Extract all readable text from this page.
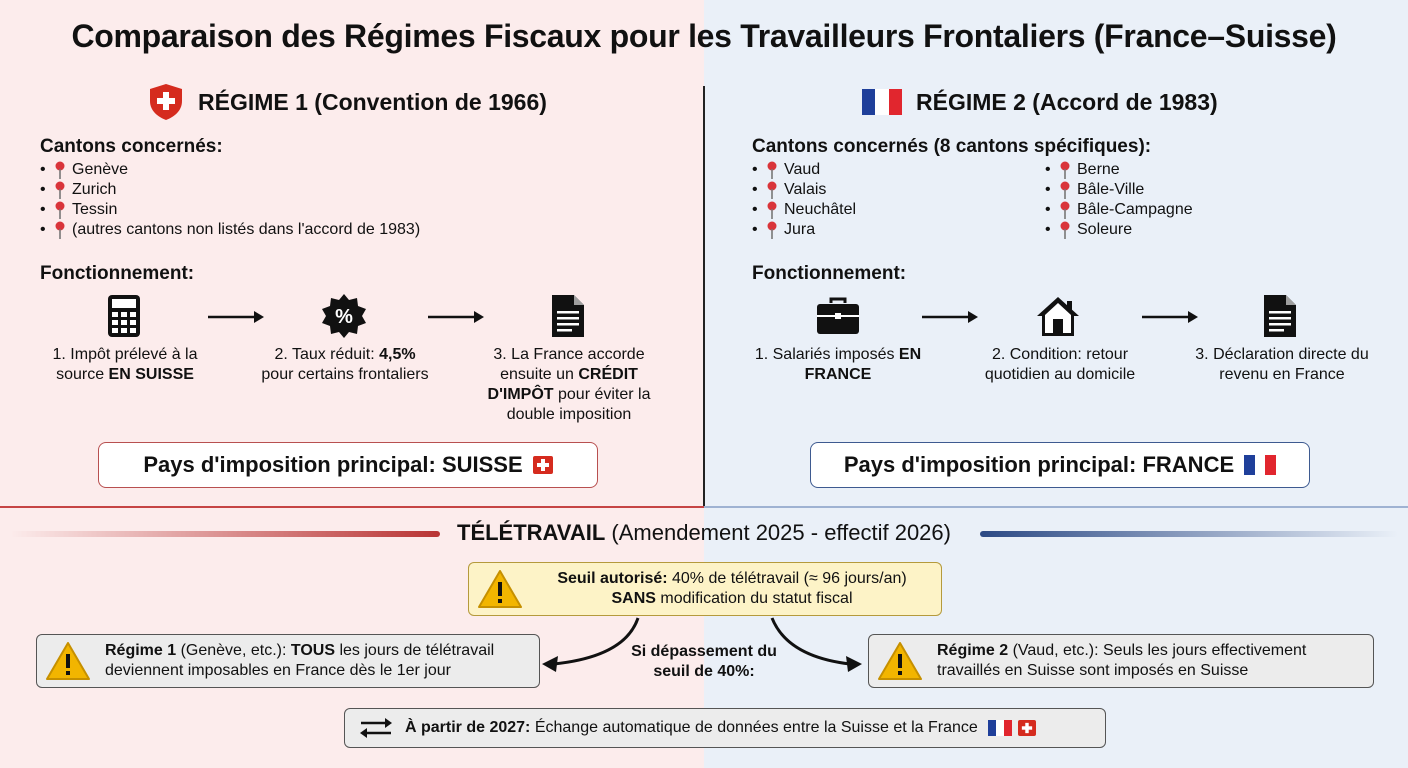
Comparaison des Régimes Fiscaux pour les Travailleurs Frontaliers (France–Suisse)
RÉGIME 1 (Convention de 1966)	RÉGIME 2 (Accord de 1983)
Cantons concernés:
•	Genève
•	Zurich
•	Tessin
•	(autres cantons non listés dans l'accord de 1983)
Cantons concernés (8 cantons spécifiques):
•	Vaud
•	Valais
•	Neuchâtel
•	Jura
•	Berne
•	Bâle-Ville
•	Bâle-Campagne
•	Soleure
Fonctionnement:	Fonctionnement:
%
1. Impôt prélevé à la source EN SUISSE
2. Taux réduit: 4,5% pour certains frontaliers
3. La France accorde ensuite un CRÉDIT D'IMPÔT pour éviter la double imposition
1. Salariés imposés EN FRANCE
2. Condition: retour quotidien au domicile
3. Déclaration directe du revenu en France
Pays d'imposition principal: SUISSE	Pays d'imposition principal: FRANCE
TÉLÉTRAVAIL (Amendement 2025 - effectif 2026)
Seuil autorisé: 40% de télétravail (≈ 96 jours/an)
SANS modification du statut fiscal
Si dépassement du seuil de 40%:
Régime 1 (Genève, etc.): TOUS les jours de télétravail deviennent imposables en France dès le 1er jour
Régime 2 (Vaud, etc.): Seuls les jours effectivement travaillés en Suisse sont imposés en Suisse
À partir de 2027: Échange automatique de données entre la Suisse et la France
